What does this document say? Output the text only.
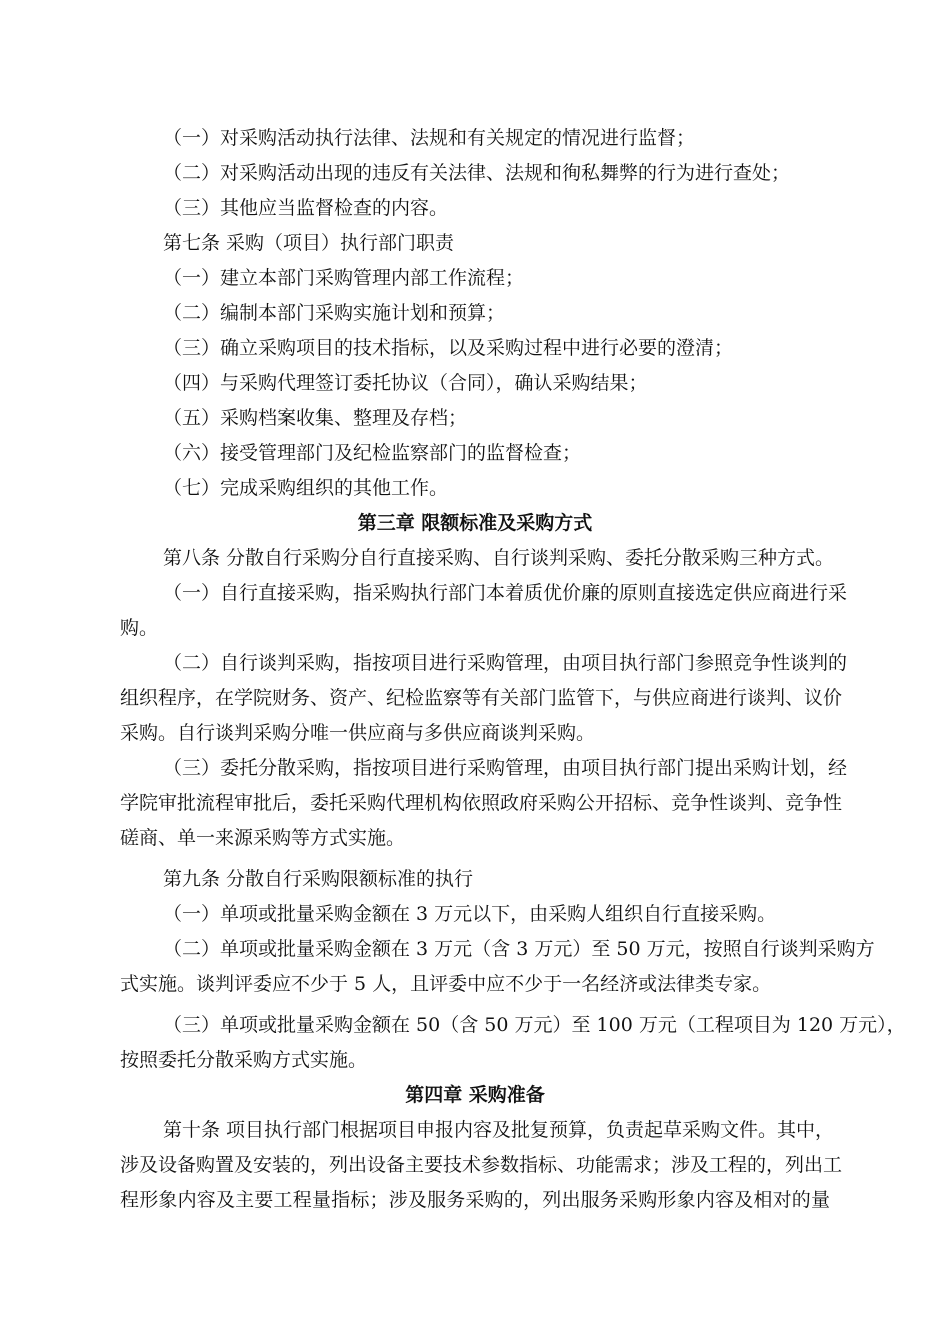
（一）对采购活动执行法律、法规和有关规定的情况进行监督；
（二）对采购活动出现的违反有关法律、法规和徇私舞弊的行为进行查处；
（三）其他应当监督检查的内容。
第七条 采购（项目）执行部门职责
（一）建立本部门采购管理内部工作流程；
（二）编制本部门采购实施计划和预算；
（三）确立采购项目的技术指标，以及采购过程中进行必要的澄清；
（四）与采购代理签订委托协议（合同），确认采购结果；
（五）采购档案收集、整理及存档；
（六）接受管理部门及纪检监察部门的监督检查；
（七）完成采购组织的其他工作。
第三章 限额标准及采购方式
第八条 分散自行采购分自行直接采购、自行谈判采购、委托分散采购三种方式。
（一）自行直接采购，指采购执行部门本着质优价廉的原则直接选定供应商进行采
购。
（二）自行谈判采购，指按项目进行采购管理，由项目执行部门参照竞争性谈判的
组织程序，在学院财务、资产、纪检监察等有关部门监管下，与供应商进行谈判、议价
采购。自行谈判采购分唯一供应商与多供应商谈判采购。
（三）委托分散采购，指按项目进行采购管理，由项目执行部门提出采购计划，经
学院审批流程审批后，委托采购代理机构依照政府采购公开招标、竞争性谈判、竞争性
磋商、单一来源采购等方式实施。
第九条 分散自行采购限额标准的执行
（一）单项或批量采购金额在 3 万元以下，由采购人组织自行直接采购。
（二）单项或批量采购金额在 3 万元（含 3 万元）至 50 万元，按照自行谈判采购方
式实施。谈判评委应不少于 5 人，且评委中应不少于一名经济或法律类专家。
（三）单项或批量采购金额在 50（含 50 万元）至 100 万元（工程项目为 120 万元），
按照委托分散采购方式实施。
第四章 采购准备
第十条 项目执行部门根据项目申报内容及批复预算，负责起草采购文件。其中，
涉及设备购置及安装的，列出设备主要技术参数指标、功能需求；涉及工程的，列出工
程形象内容及主要工程量指标；涉及服务采购的，列出服务采购形象内容及相对的量
